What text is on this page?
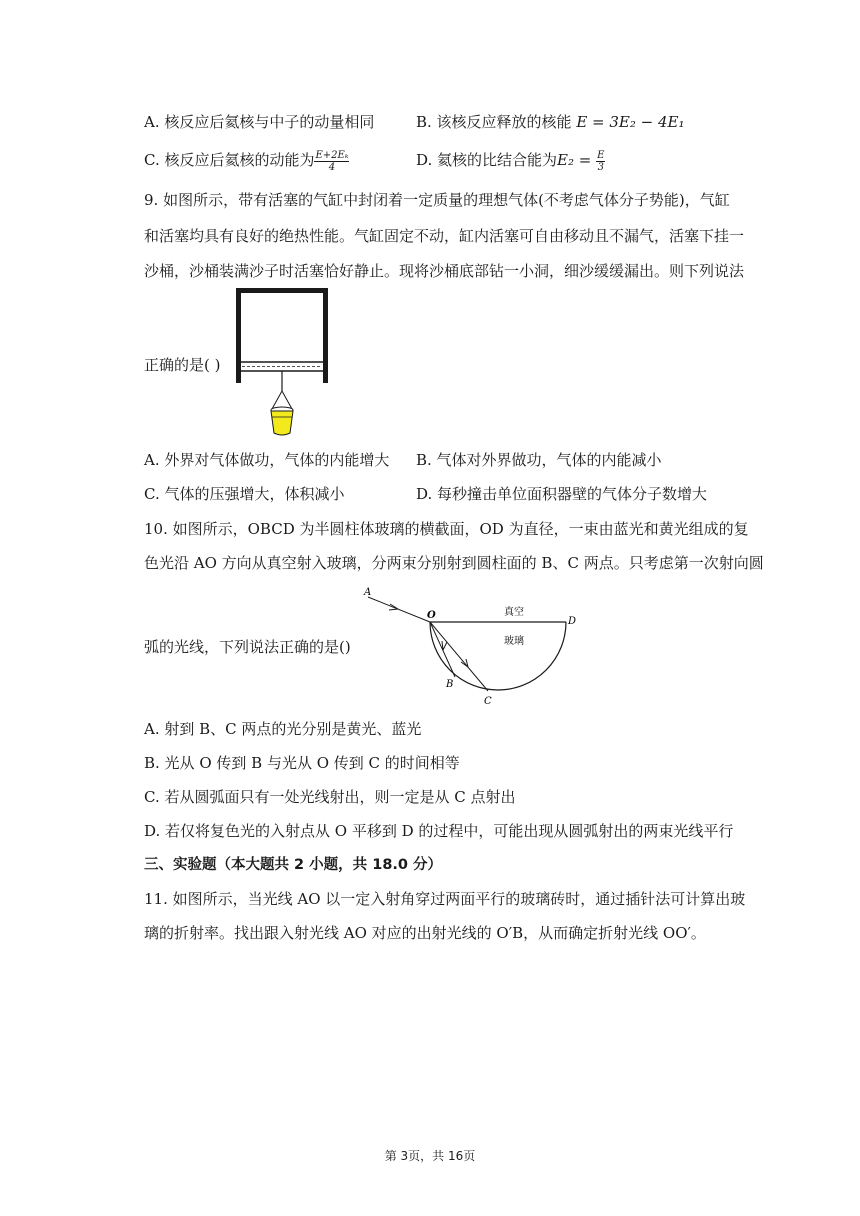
A. 核反应后氦核与中子的动量相同	B. 该核反应释放的核能 E = 3E₂ − 4E₁
C. 核反应后氦核的动能为 $\frac{\text{E+2Eₖ}}{4}$	D. 氦核的比结合能为$E_2 = \frac{E}{3}$
9. 如图所示，带有活塞的气缸中封闭着一定质量的理想气体(不考虑气体分子势能)，气缸
和活塞均具有良好的绝热性能。气缸固定不动，缸内活塞可自由移动且不漏气，活塞下挂一
沙桶，沙桶装满沙子时活塞恰好静止。现将沙桶底部钻一小洞，细沙缓缓漏出。则下列说法
正确的是( )
A. 外界对气体做功，气体的内能增大 B. 气体对外界做功，气体的内能减小
C. 气体的压强增大，体积减小	D. 每秒撞击单位面积器壁的气体分子数增大
10. 如图所示，OBCD 为半圆柱体玻璃的横截面，OD 为直径，一束由蓝光和黄光组成的复
色光沿 AO 方向从真空射入玻璃，分两束分别射到圆柱面的 B、C 两点。只考虑第一次射向圆
弧的光线，下列说法正确的是()
A
O
D
B
C
真空
玻璃
A. 射到 B、C 两点的光分别是黄光、蓝光
B. 光从 O 传到 B 与光从 O 传到 C 的时间相等
C. 若从圆弧面只有一处光线射出，则一定是从 C 点射出
D. 若仅将复色光的入射点从 O 平移到 D 的过程中，可能出现从圆弧射出的两束光线平行
三、实验题（本大题共 2 小题，共 18.0 分）
11. 如图所示，当光线 AO 以一定入射角穿过两面平行的玻璃砖时，通过插针法可计算出玻
璃的折射率。找出跟入射光线 AO 对应的出射光线的 O′B，从而确定折射光线 OO′。
第 3页，共 16页
